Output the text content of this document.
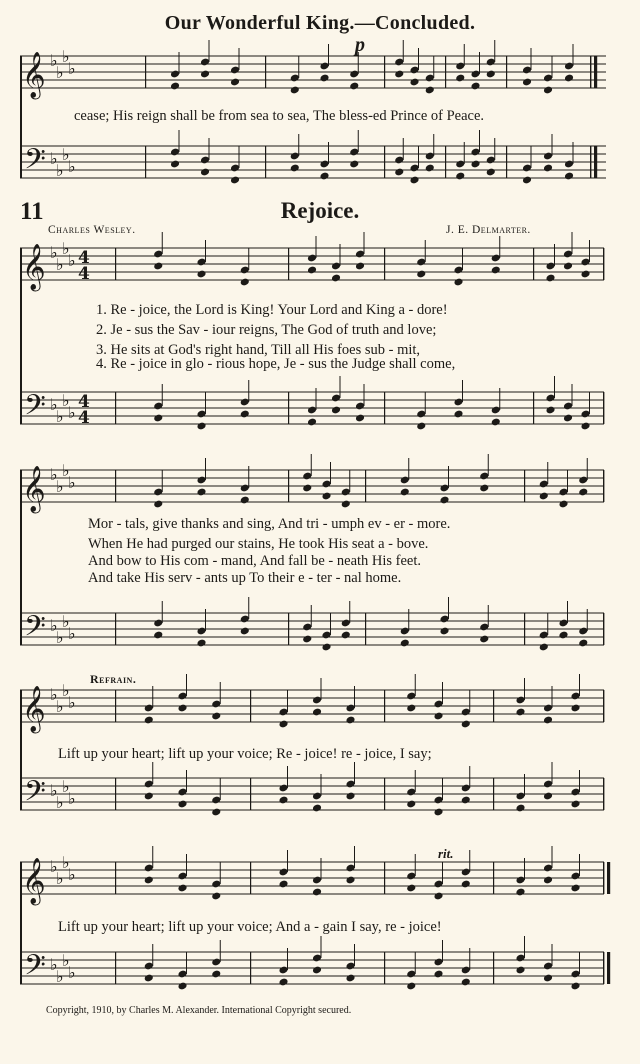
Our Wonderful King.—Concluded.
p
cease; His reign shall be from sea to sea, The bless-ed Prince of Peace.
11	Rejoice.
Charles Wesley.	J. E. Delmarter.
1. Re - joice, the Lord is King! Your Lord and King a - dore!
2. Je - sus the Sav - iour reigns, The God of truth and love;
3. He sits at God's right hand, Till all His foes sub - mit,
4. Re - joice in glo - rious hope, Je - sus the Judge shall come,
Mor - tals, give thanks and sing, And tri - umph ev - er - more.
When He had purged our stains, He took His seat a - bove.
And bow to His com - mand, And fall be - neath His feet.
And take His serv - ants up To their e - ter - nal home.
Refrain.
Lift up your heart; lift up your voice; Re - joice! re - joice, I say;
Lift up your heart; lift up your voice; And a - gain I say, re - joice!
rit.
Copyright, 1910, by Charles M. Alexander. International Copyright secured.
𝄞
𝄢
♭
♭
♭
♭
♭
♭
♭
♭
𝄞
𝄢
♭
♭
♭
♭
♭
♭
♭
♭
4
4
4
4
𝄞
𝄢
♭
♭
♭
♭
♭
♭
♭
♭
𝄞
𝄢
♭
♭
♭
♭
♭
♭
♭
♭
𝄞
𝄢
♭
♭
♭
♭
♭
♭
♭
♭
